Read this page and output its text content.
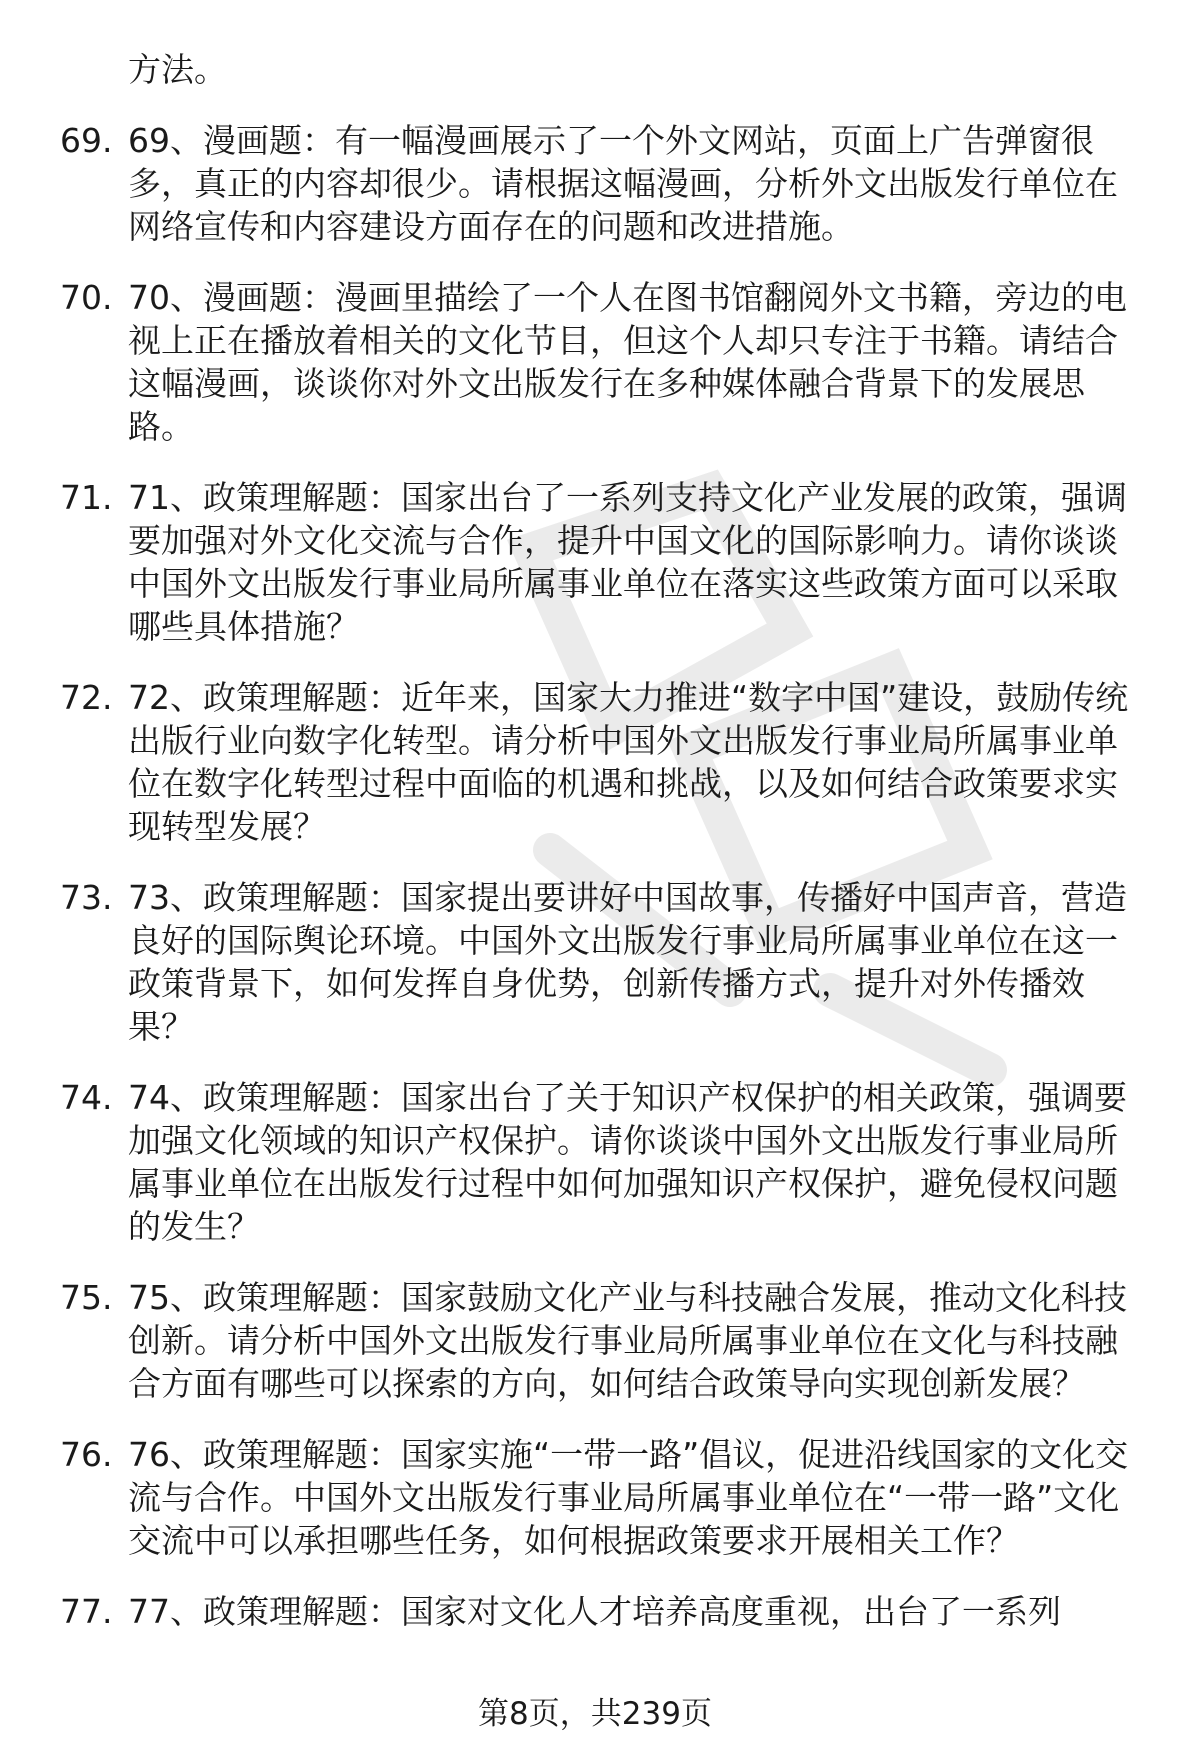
方法。
69. 69、漫画题：有一幅漫画展示了一个外文网站，页面上广告弹窗很多，真正的内容却很少。请根据这幅漫画，分析外文出版发行单位在网络宣传和内容建设方面存在的问题和改进措施。
70. 70、漫画题：漫画里描绘了一个人在图书馆翻阅外文书籍，旁边的电视上正在播放着相关的文化节目，但这个人却只专注于书籍。请结合这幅漫画，谈谈你对外文出版发行在多种媒体融合背景下的发展思路。
71. 71、政策理解题：国家出台了一系列支持文化产业发展的政策，强调要加强对外文化交流与合作，提升中国文化的国际影响力。请你谈谈中国外文出版发行事业局所属事业单位在落实这些政策方面可以采取哪些具体措施？
72. 72、政策理解题：近年来，国家大力推进“数字中国”建设，鼓励传统出版行业向数字化转型。请分析中国外文出版发行事业局所属事业单位在数字化转型过程中面临的机遇和挑战，以及如何结合政策要求实现转型发展？
73. 73、政策理解题：国家提出要讲好中国故事，传播好中国声音，营造良好的国际舆论环境。中国外文出版发行事业局所属事业单位在这一政策背景下，如何发挥自身优势，创新传播方式，提升对外传播效果？
74. 74、政策理解题：国家出台了关于知识产权保护的相关政策，强调要加强文化领域的知识产权保护。请你谈谈中国外文出版发行事业局所属事业单位在出版发行过程中如何加强知识产权保护，避免侵权问题的发生？
75. 75、政策理解题：国家鼓励文化产业与科技融合发展，推动文化科技创新。请分析中国外文出版发行事业局所属事业单位在文化与科技融合方面有哪些可以探索的方向，如何结合政策导向实现创新发展？
76. 76、政策理解题：国家实施“一带一路”倡议，促进沿线国家的文化交流与合作。中国外文出版发行事业局所属事业单位在“一带一路”文化交流中可以承担哪些任务，如何根据政策要求开展相关工作？
77. 77、政策理解题：国家对文化人才培养高度重视，出台了一系列
第8页，共239页
